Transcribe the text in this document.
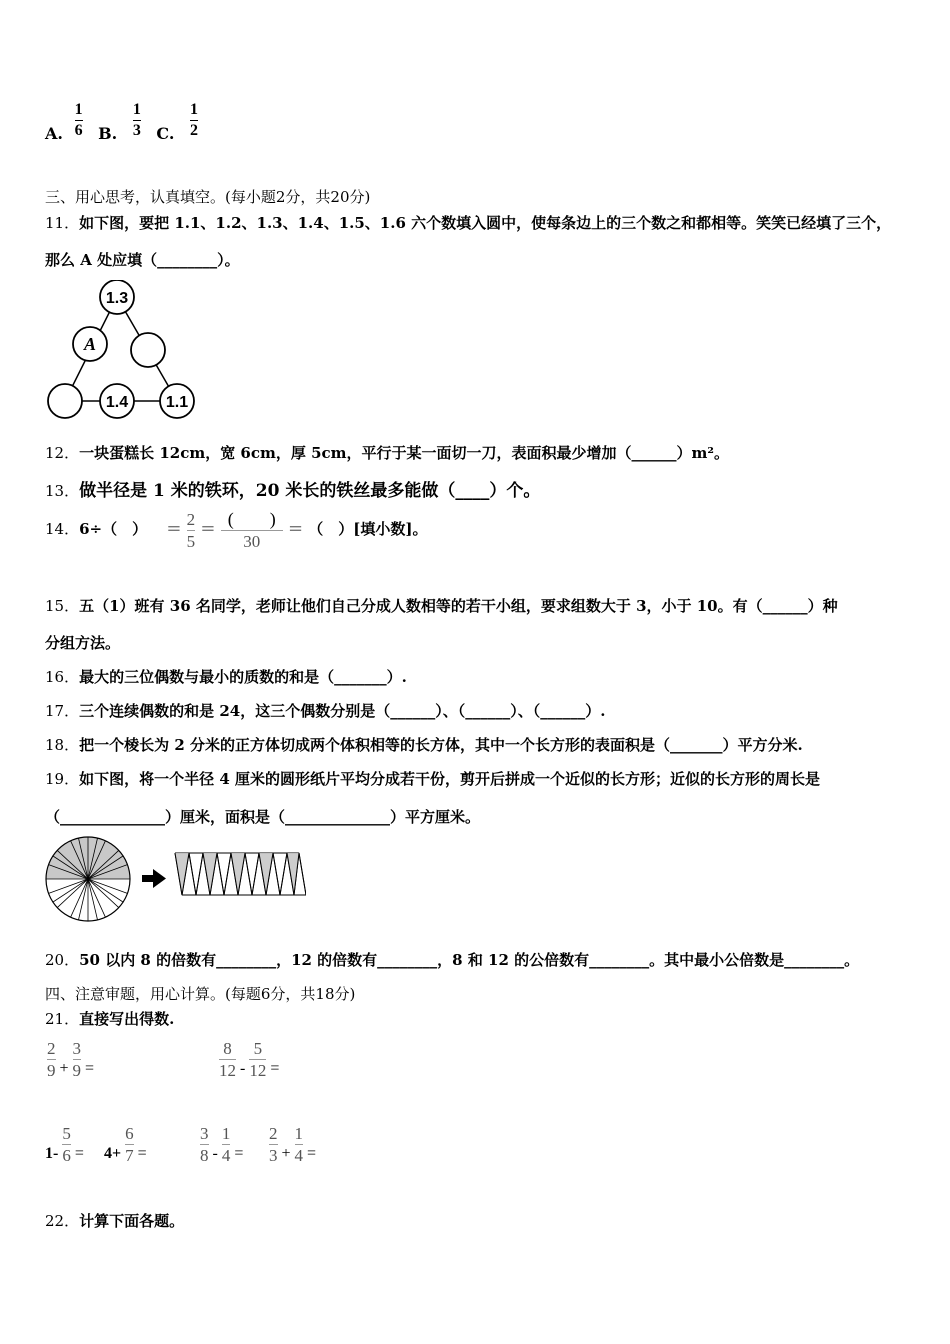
A. $\frac{1}{6} B$. $\frac{1}{3} C$. $\frac{1}{2}$
三、用心思考，认真填空。(每小题2分，共20分)
11．如下图，要把 1.1、1.2、1.3、1.4、1.5、1.6 六个数填入圆中，使每条边上的三个数之和都相等。笑笑已经填了三个，
那么 A 处应填（________）。
1.3
A
1.4 1.1
12．一块蛋糕长 12cm，宽 6cm，厚 5cm，平行于某一面切一刀，表面积最少增加（______）m²。
13．做半径是 1 米的铁环，20 米长的铁丝最多能做（____）个。
14．6÷（　） = $\frac{2}{5} = \frac{( )}{30}$ = （　）[填小数]。
15．五（1）班有 36 名同学，老师让他们自己分成人数相等的若干小组，要求组数大于 3，小于 10。有（______）种
分组方法。
16．最大的三位偶数与最小的质数的和是（_______）.
17．三个连续偶数的和是 24，这三个偶数分别是（______）、（______）、（______）.
18．把一个棱长为 2 分米的正方体切成两个体积相等的长方体，其中一个长方形的表面积是（_______）平方分米.
19．如下图，将一个半径 4 厘米的圆形纸片平均分成若干份，剪开后拼成一个近似的长方形；近似的长方形的周长是
（______________）厘米，面积是（______________）平方厘米。
20．50 以内 8 的倍数有________，12 的倍数有________，8 和 12 的公倍数有________。其中最小公倍数是________。
四、注意审题，用心计算。(每题6分，共18分)
21．直接写出得数.
$\frac{2}{9} + \frac{3}{9}$ =	$\frac{8}{12} - \frac{5}{12}$ =
$1- \frac{5}{6} = 4+ \frac{6}{7}$ =	$\frac{3}{8} - \frac{1}{4} = \frac{2}{3} + \frac{1}{4}$ =
22．计算下面各题。
